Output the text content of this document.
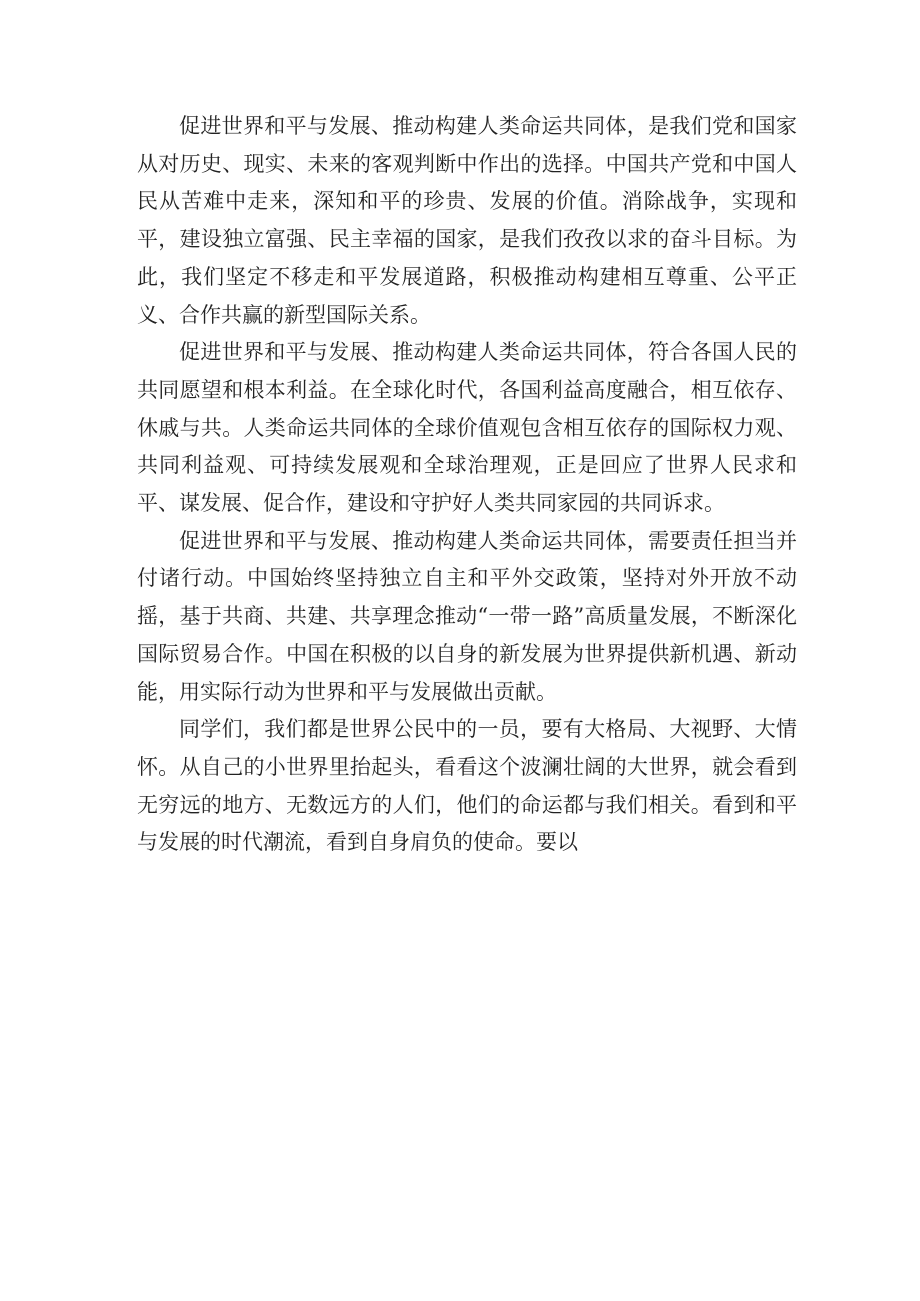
促进世界和平与发展、推动构建人类命运共同体，是我们党和国家从对历史、现实、未来的客观判断中作出的选择。中国共产党和中国人民从苦难中走来，深知和平的珍贵、发展的价值。消除战争，实现和平，建设独立富强、民主幸福的国家，是我们孜孜以求的奋斗目标。为此，我们坚定不移走和平发展道路，积极推动构建相互尊重、公平正义、合作共赢的新型国际关系。

促进世界和平与发展、推动构建人类命运共同体，符合各国人民的共同愿望和根本利益。在全球化时代，各国利益高度融合，相互依存、休戚与共。人类命运共同体的全球价值观包含相互依存的国际权力观、共同利益观、可持续发展观和全球治理观，正是回应了世界人民求和平、谋发展、促合作，建设和守护好人类共同家园的共同诉求。

促进世界和平与发展、推动构建人类命运共同体，需要责任担当并付诸行动。中国始终坚持独立自主和平外交政策，坚持对外开放不动摇，基于共商、共建、共享理念推动“一带一路”高质量发展，不断深化国际贸易合作。中国在积极的以自身的新发展为世界提供新机遇、新动能，用实际行动为世界和平与发展做出贡献。

同学们，我们都是世界公民中的一员，要有大格局、大视野、大情怀。从自己的小世界里抬起头，看看这个波澜壮阔的大世界，就会看到无穷远的地方、无数远方的人们，他们的命运都与我们相关。看到和平与发展的时代潮流，看到自身肩负的使命。要以
